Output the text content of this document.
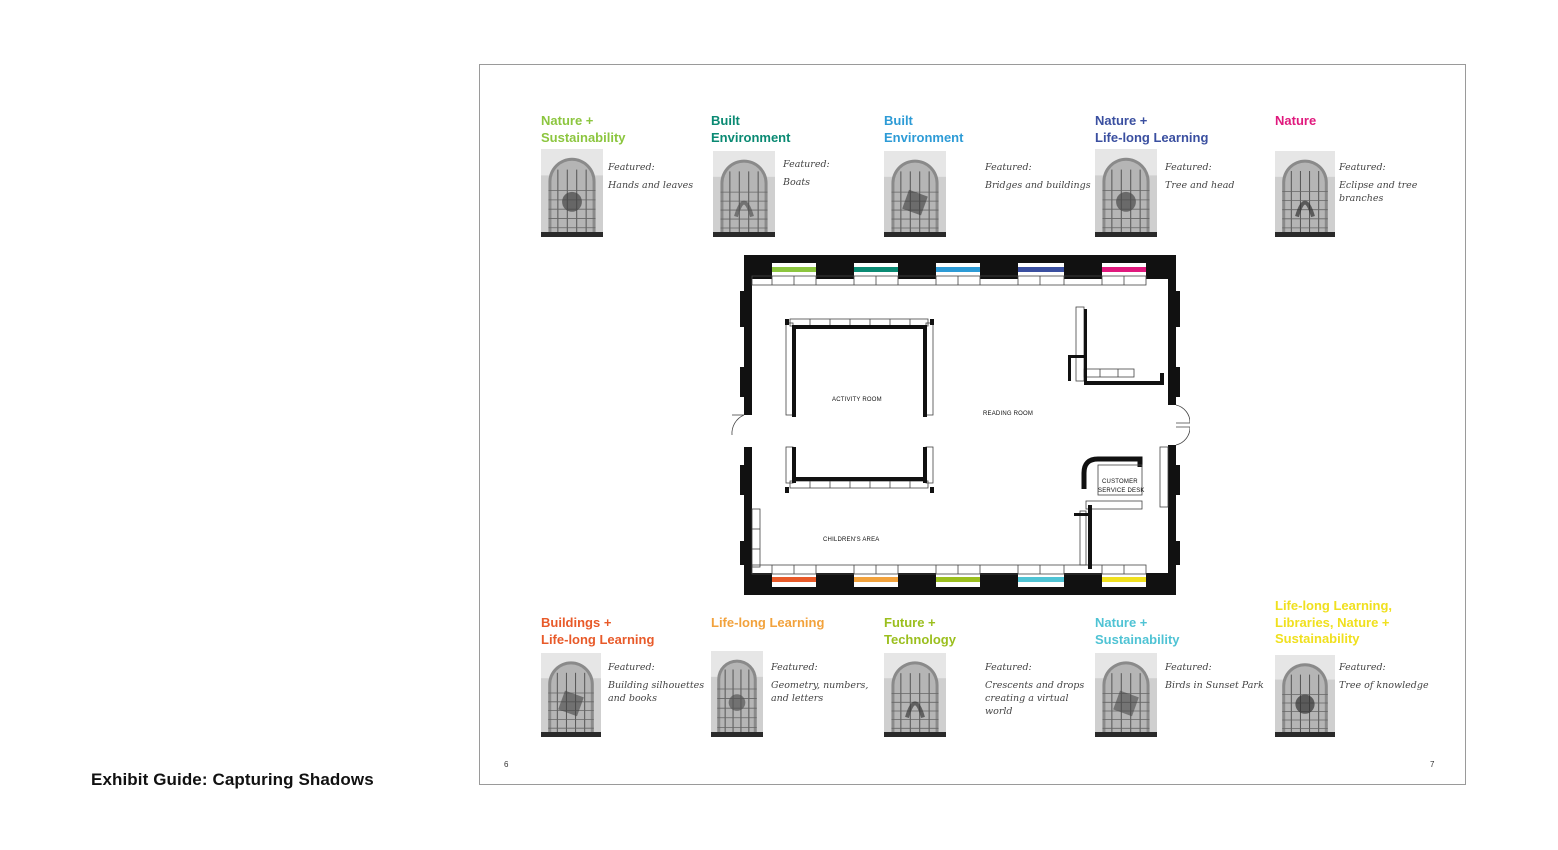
Exhibit Guide: Capturing Shadows
6	7
Nature +
Sustainability
Featured:
Hands and leaves
Built
Environment
Featured:
Boats
Built
Environment
Featured:
Bridges and buildings
Nature +
Life-long Learning
Featured:
Tree and head
Nature
Featured:
Eclipse and tree
branches
Buildings +
Life-long Learning
Featured:
Building silhouettes
and books
Life-long Learning
Featured:
Geometry, numbers,
and letters
Future +
Technology
Featured:
Crescents and drops
creating a virtual
world
Nature +
Sustainability
Featured:
Birds in Sunset Park
Life-long Learning,
Libraries, Nature +
Sustainability
Featured:
Tree of knowledge
ACTIVITY ROOM
READING ROOM
CUSTOMER
SERVICE DESK
CHILDREN'S AREA
